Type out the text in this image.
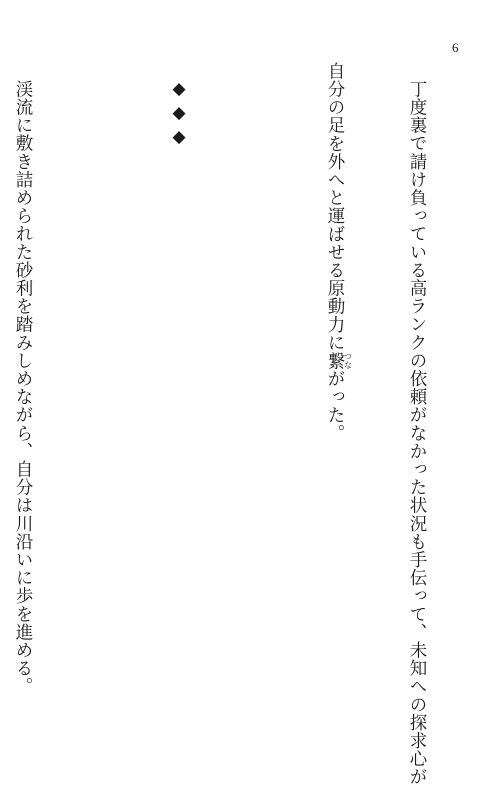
6

丁度裏で請け負っている高ランクの依頼がなかった状況も手伝って、未知への探求心が

自分の足を外へと運ばせる原動力に繋つながった。

◆◆◆

渓流に敷き詰められた砂利を踏みしめながら、自分は川沿いに歩を進める。
